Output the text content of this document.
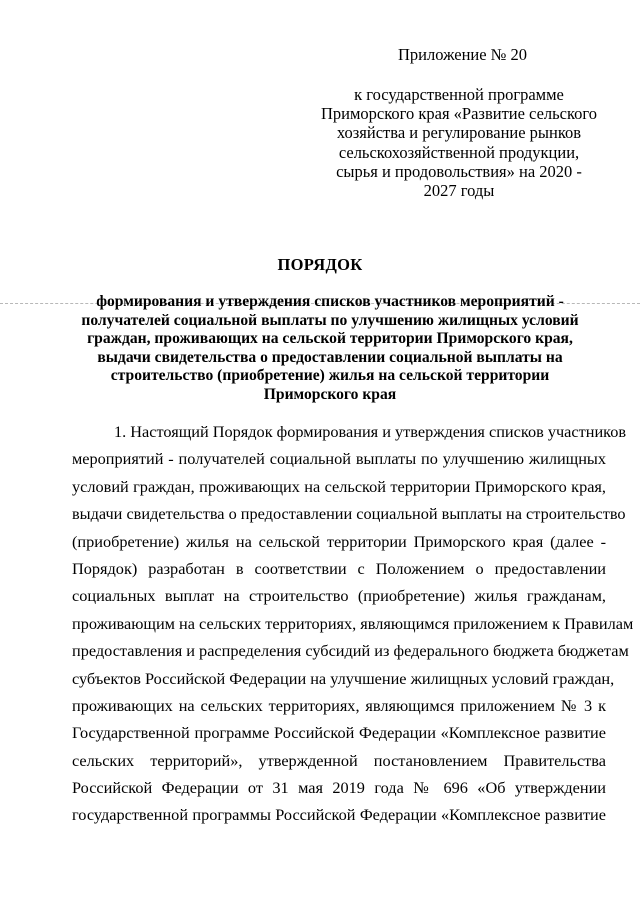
Приложение № 20
к государственной программе
Приморского края «Развитие сельского
хозяйства и регулирование рынков
сельскохозяйственной продукции,
сырья и продовольствия» на 2020 -
2027 годы
ПОРЯДОК
формирования и утверждения списков участников мероприятий -
получателей социальной выплаты по улучшению жилищных условий
граждан, проживающих на сельской территории Приморского края,
выдачи свидетельства о предоставлении социальной выплаты на
строительство (приобретение) жилья на сельской территории
Приморского края
1. Настоящий Порядок формирования и утверждения списков участников
мероприятий - получателей социальной выплаты по улучшению жилищных
условий граждан, проживающих на сельской территории Приморского края,
выдачи свидетельства о предоставлении социальной выплаты на строительство
(приобретение) жилья на сельской территории Приморского края (далее -
Порядок) разработан в соответствии с Положением о предоставлении
социальных выплат на строительство (приобретение) жилья гражданам,
проживающим на сельских территориях, являющимся приложением к Правилам
предоставления и распределения субсидий из федерального бюджета бюджетам
субъектов Российской Федерации на улучшение жилищных условий граждан,
проживающих на сельских территориях, являющимся приложением № 3 к
Государственной программе Российской Федерации «Комплексное развитие
сельских территорий», утвержденной постановлением Правительства
Российской Федерации от 31 мая 2019 года № 696 «Об утверждении
государственной программы Российской Федерации «Комплексное развитие
